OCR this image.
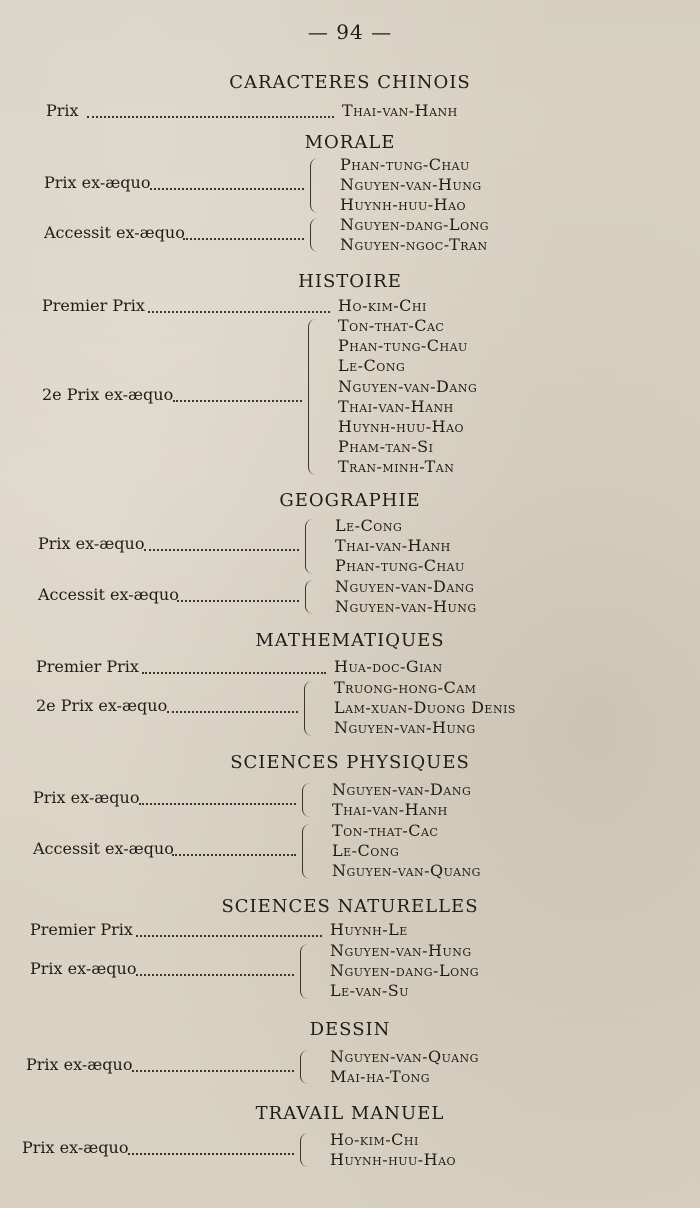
— 94 —
CARACTERES CHINOIS
Prix	Thai-van-Hanh
MORALE
Prix ex-æquo
Phan-tung-Chau
Nguyen-van-Hung
Huynh-huu-Hao
Accessit ex-æquo	Nguyen-dang-Long
Nguyen-ngoc-Tran
HISTOIRE
Premier Prix	Ho-kim-Chi
2e Prix ex-æquo
Ton-that-Cac
Phan-tung-Chau
Le-Cong
Nguyen-van-Dang
Thai-van-Hanh
Huynh-huu-Hao
Pham-tan-Si
Tran-minh-Tan
GEOGRAPHIE
Prix ex-æquo
Le-Cong
Thai-van-Hanh
Phan-tung-Chau
Accessit ex-æquo	Nguyen-van-Dang
Nguyen-van-Hung
MATHEMATIQUES
Premier Prix	Hua-doc-Gian
2e Prix ex-æquo
Truong-hong-Cam
Lam-xuan-Duong Denis
Nguyen-van-Hung
SCIENCES PHYSIQUES
Prix ex-æquo	Nguyen-van-Dang
Thai-van-Hanh
Accessit ex-æquo
Ton-that-Cac
Le-Cong
Nguyen-van-Quang
SCIENCES NATURELLES
Premier Prix	Huynh-Le
Prix ex-æquo
Nguyen-van-Hung
Nguyen-dang-Long
Le-van-Su
DESSIN
Prix ex-æquo	Nguyen-van-Quang
Mai-ha-Tong
TRAVAIL MANUEL
Prix ex-æquo	Ho-kim-Chi
Huynh-huu-Hao
